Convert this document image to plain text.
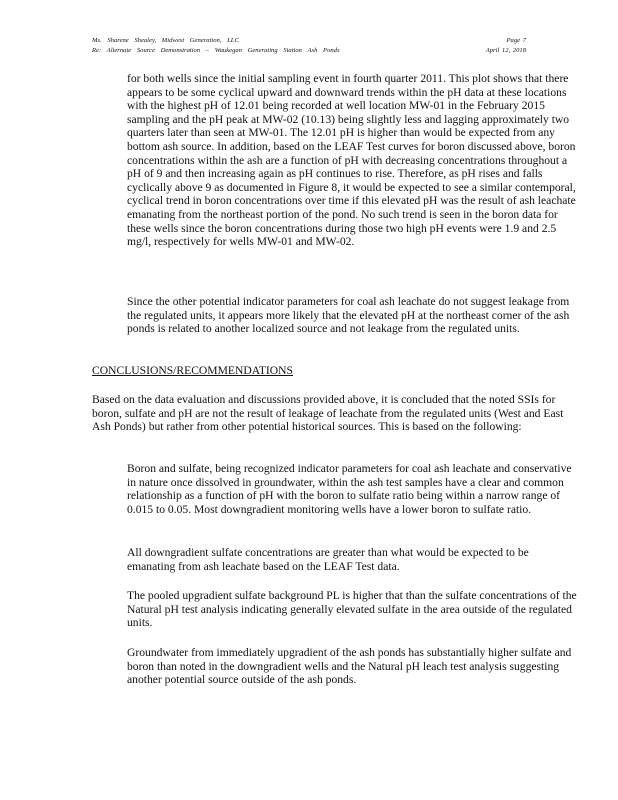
Ms. Sharene Shealey, Midwest Generation, LLC	Page 7
Re: Alternate Source Demonstration – Waukegan Generating Station Ash Ponds	April 12, 2018

for both wells since the initial sampling event in fourth quarter 2011. This plot shows that there appears to be some cyclical upward and downward trends within the pH data at these locations with the highest pH of 12.01 being recorded at well location MW-01 in the February 2015 sampling and the pH peak at MW-02 (10.13) being slightly less and lagging approximately two quarters later than seen at MW-01. The 12.01 pH is higher than would be expected from any bottom ash source. In addition, based on the LEAF Test curves for boron discussed above, boron concentrations within the ash are a function of pH with decreasing concentrations throughout a pH of 9 and then increasing again as pH continues to rise. Therefore, as pH rises and falls cyclically above 9 as documented in Figure 8, it would be expected to see a similar contemporal, cyclical trend in boron concentrations over time if this elevated pH was the result of ash leachate emanating from the northeast portion of the pond. No such trend is seen in the boron data for these wells since the boron concentrations during those two high pH events were 1.9 and 2.5 mg/l, respectively for wells MW-01 and MW-02.

Since the other potential indicator parameters for coal ash leachate do not suggest leakage from the regulated units, it appears more likely that the elevated pH at the northeast corner of the ash ponds is related to another localized source and not leakage from the regulated units.

CONCLUSIONS/RECOMMENDATIONS

Based on the data evaluation and discussions provided above, it is concluded that the noted SSIs for boron, sulfate and pH are not the result of leakage of leachate from the regulated units (West and East Ash Ponds) but rather from other potential historical sources. This is based on the following:

Boron and sulfate, being recognized indicator parameters for coal ash leachate and conservative in nature once dissolved in groundwater, within the ash test samples have a clear and common relationship as a function of pH with the boron to sulfate ratio being within a narrow range of 0.015 to 0.05. Most downgradient monitoring wells have a lower boron to sulfate ratio.
All downgradient sulfate concentrations are greater than what would be expected to be emanating from ash leachate based on the LEAF Test data.
The pooled upgradient sulfate background PL is higher that than the sulfate concentrations of the Natural pH test analysis indicating generally elevated sulfate in the area outside of the regulated units.
Groundwater from immediately upgradient of the ash ponds has substantially higher sulfate and boron than noted in the downgradient wells and the Natural pH leach test analysis suggesting another potential source outside of the ash ponds.
